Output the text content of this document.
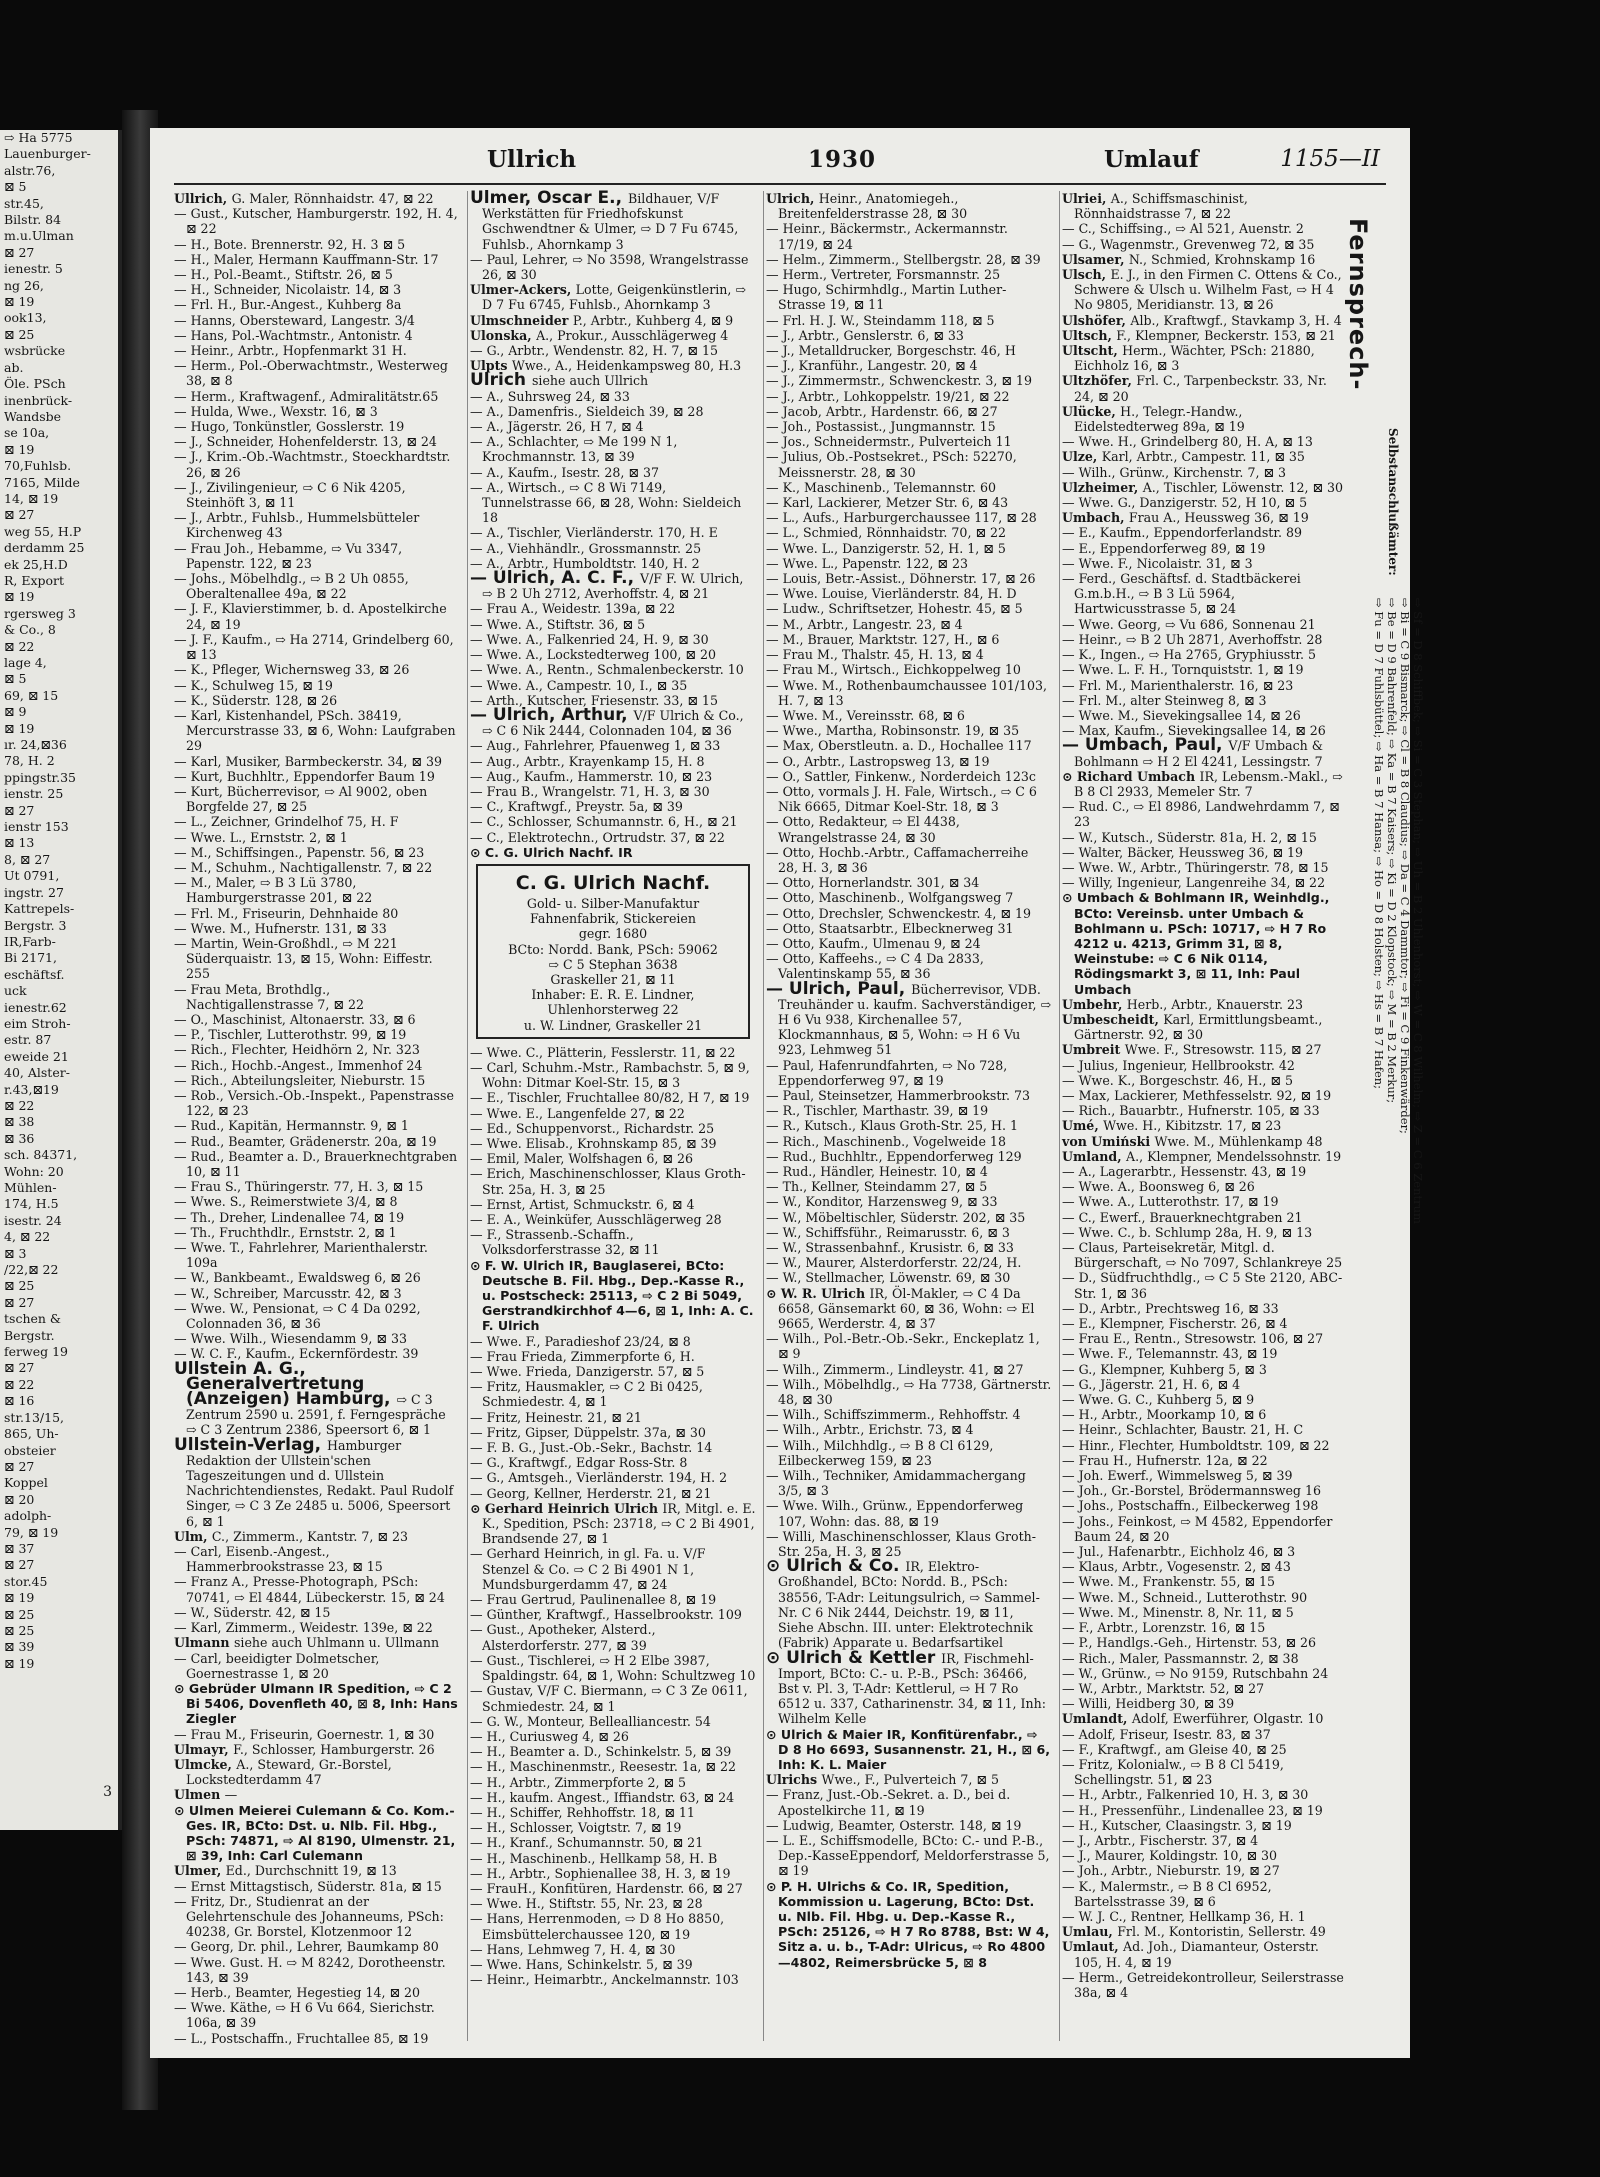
⇨ Ha 5775
Lauenburger-
alstr.76,
⊠ 5
str.45,
Bilstr. 84
m.u.Ulman
⊠ 27
ienestr. 5
ng 26,
⊠ 19
ook13,
⊠ 25
wsbrücke
ab.
Öle. PSch
inenbrück-
Wandsbe
se 10a,
⊠ 19
70,Fuhlsb.
7165, Milde
14, ⊠ 19
⊠ 27
weg 55, H.P
derdamm 25
ek 25,H.D
R, Export
⊠ 19
rgersweg 3
& Co., 8
⊠ 22
lage 4,
⊠ 5
69, ⊠ 15
⊠ 9
⊠ 19
ır. 24,⊠36
78, H. 2
ppingstr.35
ienstr. 25
⊠ 27
ienstr 153
⊠ 13
8, ⊠ 27
Ut 0791,
ingstr. 27
Kattrepels-
Bergstr. 3
IR,Farb-
Bi 2171,
eschäftsf.
uck
ienestr.62
eim Stroh-
estr. 87
eweide 21
40, Alster-
r.43,⊠19
⊠ 22
⊠ 38
⊠ 36
sch. 84371,
Wohn: 20
Mühlen-
174, H.5
isestr. 24
4, ⊠ 22
⊠ 3
/22,⊠ 22
⊠ 25
⊠ 27
tschen &
Bergstr.
ferweg 19
⊠ 27
⊠ 22
⊠ 16
str.13/15,
865, Uh-
obsteier
⊠ 27
Koppel
⊠ 20
adolph-
79, ⊠ 19
⊠ 37
⊠ 27
stor.45
⊠ 19
⊠ 25
⊠ 25
⊠ 39
⊠ 19
3
Ullrich	1930	Umlauf	1155—II

Ullrich, G. Maler, Rönnhaidstr. 47, ⊠ 22

— Gust., Kutscher, Hamburgerstr. 192, H. 4, ⊠ 22

— H., Bote. Brennerstr. 92, H. 3 ⊠ 5

— H., Maler, Hermann Kauffmann-Str. 17

— H., Pol.-Beamt., Stiftstr. 26, ⊠ 5

— H., Schneider, Nicolaistr. 14, ⊠ 3

— Frl. H., Bur.-Angest., Kuhberg 8a

— Hanns, Obersteward, Langestr. 3/4

— Hans, Pol.-Wachtmstr., Antonistr. 4

— Heinr., Arbtr., Hopfenmarkt 31 H.

— Herm., Pol.-Oberwachtmstr., Westerweg 38, ⊠ 8

— Herm., Kraftwagenf., Admiralitätstr.65

— Hulda, Wwe., Wexstr. 16, ⊠ 3

— Hugo, Tonkünstler, Gosslerstr. 19

— J., Schneider, Hohenfelderstr. 13, ⊠ 24

— J., Krim.-Ob.-Wachtmstr., Stoeckhardtstr. 26, ⊠ 26

— J., Zivilingenieur, ⇨ C 6 Nik 4205, Steinhöft 3, ⊠ 11

— J., Arbtr., Fuhlsb., Hummelsbütteler Kirchenweg 43

— Frau Joh., Hebamme, ⇨ Vu 3347, Papenstr. 122, ⊠ 23

— Johs., Möbelhdlg., ⇨ B 2 Uh 0855, Oberaltenallee 49a, ⊠ 22

— J. F., Klavierstimmer, b. d. Apostelkirche 24, ⊠ 19

— J. F., Kaufm., ⇨ Ha 2714, Grindelberg 60, ⊠ 13

— K., Pfleger, Wichernsweg 33, ⊠ 26

— K., Schulweg 15, ⊠ 19

— K., Süderstr. 128, ⊠ 26

— Karl, Kistenhandel, PSch. 38419, Mercurstrasse 33, ⊠ 6, Wohn: Laufgraben 29

— Karl, Musiker, Barmbeckerstr. 34, ⊠ 39

— Kurt, Buchhltr., Eppendorfer Baum 19

— Kurt, Bücherrevisor, ⇨ Al 9002, oben Borgfelde 27, ⊠ 25

— L., Zeichner, Grindelhof 75, H. F

— Wwe. L., Ernststr. 2, ⊠ 1

— M., Schiffsingen., Papenstr. 56, ⊠ 23

— M., Schuhm., Nachtigallenstr. 7, ⊠ 22

— M., Maler, ⇨ B 3 Lü 3780, Hamburgerstrasse 201, ⊠ 22

— Frl. M., Friseurin, Dehnhaide 80

— Wwe. M., Hufnerstr. 131, ⊠ 33

— Martin, Wein-Großhdl., ⇨ M 221 Süderquaistr. 13, ⊠ 15, Wohn: Eiffestr. 255

— Frau Meta, Brothdlg., Nachtigallenstrasse 7, ⊠ 22

— O., Maschinist, Altonaerstr. 33, ⊠ 6

— P., Tischler, Lutterothstr. 99, ⊠ 19

— Rich., Flechter, Heidhörn 2, Nr. 323

— Rich., Hochb.-Angest., Immenhof 24

— Rich., Abteilungsleiter, Nieburstr. 15

— Rob., Versich.-Ob.-Inspekt., Papenstrasse 122, ⊠ 23

— Rud., Kapitän, Hermannstr. 9, ⊠ 1

— Rud., Beamter, Grädenerstr. 20a, ⊠ 19

— Rud., Beamter a. D., Brauerknechtgraben 10, ⊠ 11

— Frau S., Thüringerstr. 77, H. 3, ⊠ 15

— Wwe. S., Reimerstwiete 3/4, ⊠ 8

— Th., Dreher, Lindenallee 74, ⊠ 19

— Th., Fruchthdlr., Ernststr. 2, ⊠ 1

— Wwe. T., Fahrlehrer, Marienthalerstr. 109a

— W., Bankbeamt., Ewaldsweg 6, ⊠ 26

— W., Schreiber, Marcusstr. 42, ⊠ 3

— Wwe. W., Pensionat, ⇨ C 4 Da 0292, Colonnaden 36, ⊠ 36

— Wwe. Wilh., Wiesendamm 9, ⊠ 33

— W. C. F., Kaufm., Eckernfördestr. 39

Ullstein A. G., Generalvertretung (Anzeigen) Hamburg, ⇨ C 3 Zentrum 2590 u. 2591, f. Ferngespräche ⇨ C 3 Zentrum 2386, Speersort 6, ⊠ 1

Ullstein-Verlag, Hamburger Redaktion der Ullstein'schen Tageszeitungen und d. Ullstein Nachrichtendienstes, Redakt. Paul Rudolf Singer, ⇨ C 3 Ze 2485 u. 5006, Speersort 6, ⊠ 1

Ulm, C., Zimmerm., Kantstr. 7, ⊠ 23

— Carl, Eisenb.-Angest., Hammerbrookstrasse 23, ⊠ 15

— Franz A., Presse-Photograph, PSch: 70741, ⇨ El 4844, Lübeckerstr. 15, ⊠ 24

— W., Süderstr. 42, ⊠ 15

— Karl, Zimmerm., Weidestr. 139e, ⊠ 22

Ulmann siehe auch Uhlmann u. Ullmann

— Carl, beeidigter Dolmetscher, Goernestrasse 1, ⊠ 20

⊙ Gebrüder Ulmann IR Spedition, ⇨ C 2 Bi 5406, Dovenfleth 40, ⊠ 8, Inh: Hans Ziegler

— Frau M., Friseurin, Goernestr. 1, ⊠ 30

Ulmayr, F., Schlosser, Hamburgerstr. 26

Ulmcke, A., Steward, Gr.-Borstel, Lockstedterdamm 47

Ulmen —

⊙ Ulmen Meierei Culemann & Co. Kom.-Ges. IR, BCto: Dst. u. Nlb. Fil. Hbg., PSch: 74871, ⇨ Al 8190, Ulmenstr. 21, ⊠ 39, Inh: Carl Culemann

Ulmer, Ed., Durchschnitt 19, ⊠ 13

— Ernst Mittagstisch, Süderstr. 81a, ⊠ 15

— Fritz, Dr., Studienrat an der Gelehrtenschule des Johanneums, PSch: 40238, Gr. Borstel, Klotzenmoor 12

— Georg, Dr. phil., Lehrer, Baumkamp 80

— Wwe. Gust. H. ⇨ M 8242, Dorotheenstr. 143, ⊠ 39

— Herb., Beamter, Hegestieg 14, ⊠ 20

— Wwe. Käthe, ⇨ H 6 Vu 664, Sierichstr. 106a, ⊠ 39

— L., Postschaffn., Fruchtallee 85, ⊠ 19

Ulmer, Oscar E., Bildhauer, V/F Werkstätten für Friedhofskunst Gschwendtner & Ulmer, ⇨ D 7 Fu 6745, Fuhlsb., Ahornkamp 3

— Paul, Lehrer, ⇨ No 3598, Wrangelstrasse 26, ⊠ 30

Ulmer-Ackers, Lotte, Geigenkünstlerin, ⇨ D 7 Fu 6745, Fuhlsb., Ahornkamp 3

Ulmschneider P., Arbtr., Kuhberg 4, ⊠ 9

Ulonska, A., Prokur., Ausschlägerweg 4

— G., Arbtr., Wendenstr. 82, H. 7, ⊠ 15

Ulpts Wwe., A., Heidenkampsweg 80, H.3

Ulrich siehe auch Ullrich

— A., Suhrsweg 24, ⊠ 33

— A., Damenfris., Sieldeich 39, ⊠ 28

— A., Jägerstr. 26, H 7, ⊠ 4

— A., Schlachter, ⇨ Me 199 N 1, Krochmannstr. 13, ⊠ 39

— A., Kaufm., Isestr. 28, ⊠ 37

— A., Wirtsch., ⇨ C 8 Wi 7149, Tunnelstrasse 66, ⊠ 28, Wohn: Sieldeich 18

— A., Tischler, Vierländerstr. 170, H. E

— A., Viehhändlr., Grossmannstr. 25

— A., Arbtr., Humboldtstr. 140, H. 2

— Ulrich, A. C. F., V/F F. W. Ulrich, ⇨ B 2 Uh 2712, Averhoffstr. 4, ⊠ 21

— Frau A., Weidestr. 139a, ⊠ 22

— Wwe. A., Stiftstr. 36, ⊠ 5

— Wwe. A., Falkenried 24, H. 9, ⊠ 30

— Wwe. A., Lockstedterweg 100, ⊠ 20

— Wwe. A., Rentn., Schmalenbeckerstr. 10

— Wwe. A., Campestr. 10, I., ⊠ 35

— Arth., Kutscher, Friesenstr. 33, ⊠ 15

— Ulrich, Arthur, V/F Ulrich & Co., ⇨ C 6 Nik 2444, Colonnaden 104, ⊠ 36

— Aug., Fahrlehrer, Pfauenweg 1, ⊠ 33

— Aug., Arbtr., Krayenkamp 15, H. 8

— Aug., Kaufm., Hammerstr. 10, ⊠ 23

— Frau B., Wrangelstr. 71, H. 3, ⊠ 30

— C., Kraftwgf., Preystr. 5a, ⊠ 39

— C., Schlosser, Schumannstr. 6, H., ⊠ 21

— C., Elektrotechn., Ortrudstr. 37, ⊠ 22

⊙ C. G. Ulrich Nachf. IR

C. G. Ulrich Nachf.
Gold- u. Silber-Manufaktur
Fahnenfabrik, Stickereien
gegr. 1680
BCto: Nordd. Bank, PSch: 59062
⇨ C 5 Stephan 3638
Graskeller 21, ⊠ 11
Inhaber: E. R. E. Lindner,
Uhlenhorsterweg 22
u. W. Lindner, Graskeller 21

— Wwe. C., Plätterin, Fesslerstr. 11, ⊠ 22

— Carl, Schuhm.-Mstr., Rambachstr. 5, ⊠ 9, Wohn: Ditmar Koel-Str. 15, ⊠ 3

— E., Tischler, Fruchtallee 80/82, H 7, ⊠ 19

— Wwe. E., Langenfelde 27, ⊠ 22

— Ed., Schuppenvorst., Richardstr. 25

— Wwe. Elisab., Krohnskamp 85, ⊠ 39

— Emil, Maler, Wolfshagen 6, ⊠ 26

— Erich, Maschinenschlosser, Klaus Groth-Str. 25a, H. 3, ⊠ 25

— Ernst, Artist, Schmuckstr. 6, ⊠ 4

— E. A., Weinküfer, Ausschlägerweg 28

— F., Strassenb.-Schaffn., Volksdorferstrasse 32, ⊠ 11

⊙ F. W. Ulrich IR, Baugla‌serei, BCto: Deutsche B. Fil. Hbg., Dep.-Kasse R., u. Postscheck: 25113, ⇨ C 2 Bi 5049, Gerstrandkirchhof 4—6, ⊠ 1, Inh: A. C. F. Ulrich

— Wwe. F., Paradieshof 23/24, ⊠ 8

— Frau Frieda, Zimmerpforte 6, H.

— Wwe. Frieda, Danzigerstr. 57, ⊠ 5

— Fritz, Hausmakler, ⇨ C 2 Bi 0425, Schmiedestr. 4, ⊠ 1

— Fritz, Heinestr. 21, ⊠ 21

— Fritz, Gipser, Düppelstr. 37a, ⊠ 30

— F. B. G., Just.-Ob.-Sekr., Bachstr. 14

— G., Kraftwgf., Edgar Ross-Str. 8

— G., Amtsgeh., Vierländerstr. 194, H. 2

— Georg, Kellner, Herderstr. 21, ⊠ 21

⊙ Gerhard Heinrich Ulrich IR, Mitgl. e. E. K., Spedition, PSch: 23718, ⇨ C 2 Bi 4901, Brandsende 27, ⊠ 1

— Gerhard Heinrich, in gl. Fa. u. V/F Stenzel & Co. ⇨ C 2 Bi 4901 N 1, Mundsburgerdamm 47, ⊠ 24

— Frau Gertrud, Paulinenallee 8, ⊠ 19

— Günther, Kraftwgf., Hasselbrookstr. 109

— Gust., Apotheker, Alsterd., Alsterdorferstr. 277, ⊠ 39

— Gust., Tischlerei, ⇨ H 2 Elbe 3987, Spaldingstr. 64, ⊠ 1, Wohn: Schultzweg 10

— Gustav, V/F C. Biermann, ⇨ C 3 Ze 0611, Schmiedestr. 24, ⊠ 1

— G. W., Monteur, Bellealliancestr. 54

— H., Curiusweg 4, ⊠ 26

— H., Beamter a. D., Schinkelstr. 5, ⊠ 39

— H., Maschinenmstr., Reesestr. 1a, ⊠ 22

— H., Arbtr., Zimmerpforte 2, ⊠ 5

— H., kaufm. Angest., Iffiandstr. 63, ⊠ 24

— H., Schiffer, Rehhoffstr. 18, ⊠ 11

— H., Schlosser, Voigtstr. 7, ⊠ 19

— H., Kranf., Schumannstr. 50, ⊠ 21

— H., Maschinenb., Hellkamp 58, H. B

— H., Arbtr., Sophienallee 38, H. 3, ⊠ 19

— FrauH., Konfitüren, Hardenstr. 66, ⊠ 27

— Wwe. H., Stiftstr. 55, Nr. 23, ⊠ 28

— Hans, Herrenmoden, ⇨ D 8 Ho 8850, Eimsbüttelerchaussee 120, ⊠ 19

— Hans, Lehmweg 7, H. 4, ⊠ 30

— Wwe. Hans, Schinkelstr. 5, ⊠ 39

— Heinr., Heimarbtr., Anckelmannstr. 103

Ulrich, Heinr., Anatomiegeh., Breitenfelderstrasse 28, ⊠ 30

— Heinr., Bäckermstr., Ackermannstr. 17/19, ⊠ 24

— Helm., Zimmerm., Stellbergstr. 28, ⊠ 39

— Herm., Vertreter, Forsmannstr. 25

— Hugo, Schirmhdlg., Martin Luther-Strasse 19, ⊠ 11

— Frl. H. J. W., Steindamm 118, ⊠ 5

— J., Arbtr., Genslerstr. 6, ⊠ 33

— J., Metalldrucker, Borgeschstr. 46, H

— J., Kranführ., Langestr. 20, ⊠ 4

— J., Zimmermstr., Schwenckestr. 3, ⊠ 19

— J., Arbtr., Lohkoppelstr. 19/21, ⊠ 22

— Jacob, Arbtr., Hardenstr. 66, ⊠ 27

— Joh., Postassist., Jungmannstr. 15

— Jos., Schneidermstr., Pulverteich 11

— Julius, Ob.-Postsekret., PSch: 52270, Meissnerstr. 28, ⊠ 30

— K., Maschinenb., Telemannstr. 60

— Karl, Lackierer, Metzer Str. 6, ⊠ 43

— L., Aufs., Harburgerchaussee 117, ⊠ 28

— L., Schmied, Rönnhaidstr. 70, ⊠ 22

— Wwe. L., Danzigerstr. 52, H. 1, ⊠ 5

— Wwe. L., Papenstr. 122, ⊠ 23

— Louis, Betr.-Assist., Döhnerstr. 17, ⊠ 26

— Wwe. Louise, Vierländerstr. 84, H. D

— Ludw., Schriftsetzer, Hohestr. 45, ⊠ 5

— M., Arbtr., Langestr. 23, ⊠ 4

— M., Brauer, Marktstr. 127, H., ⊠ 6

— Frau M., Thalstr. 45, H. 13, ⊠ 4

— Frau M., Wirtsch., Eichkoppelweg 10

— Wwe. M., Rothenbaumchaussee 101/103, H. 7, ⊠ 13

— Wwe. M., Vereinsstr. 68, ⊠ 6

— Wwe., Martha, Robinsonstr. 19, ⊠ 35

— Max, Oberstleutn. a. D., Hochallee 117

— O., Arbtr., Lastropsweg 13, ⊠ 19

— O., Sattler, Finkenw., Norderdeich 123c

— Otto, vormals J. H. Fale, Wirtsch., ⇨ C 6 Nik 6665, Ditmar Koel-Str. 18, ⊠ 3

— Otto, Redakteur, ⇨ El 4438, Wrangelstrasse 24, ⊠ 30

— Otto, Hochb.-Arbtr., Caffamacherreihe 28, H. 3, ⊠ 36

— Otto, Hornerlandstr. 301, ⊠ 34

— Otto, Maschinenb., Wolfgangsweg 7

— Otto, Drechsler, Schwenckestr. 4, ⊠ 19

— Otto, Staatsarbtr., Elbecknerweg 31

— Otto, Kaufm., Ulmenau 9, ⊠ 24

— Otto, Kaffeehs., ⇨ C 4 Da 2833, Valentinskamp 55, ⊠ 36

— Ulrich, Paul, Bücherrevisor, VDB. Treuhänder u. kaufm. Sachverständiger, ⇨ H 6 Vu 938, Kirchenallee 57, Klockmannhaus, ⊠ 5, Wohn: ⇨ H 6 Vu 923, Lehmweg 51

— Paul, Hafenrundfahrten, ⇨ No 728, Eppendorferweg 97, ⊠ 19

— Paul, Steinsetzer, Hammerbrookstr. 73

— R., Tischler, Marthastr. 39, ⊠ 19

— R., Kutsch., Klaus Groth-Str. 25, H. 1

— Rich., Maschinenb., Vogelweide 18

— Rud., Buchhltr., Eppendorferweg 129

— Rud., Händler, Heinestr. 10, ⊠ 4

— Th., Kellner, Steindamm 27, ⊠ 5

— W., Konditor, Harzensweg 9, ⊠ 33

— W., Möbeltischler, Süderstr. 202, ⊠ 35

— W., Schiffsführ., Reimarusstr. 6, ⊠ 3

— W., Strassenbahnf., Krusistr. 6, ⊠ 33

— W., Maurer, Alsterdorferstr. 22/24, H.

— W., Stellmacher, Löwenstr. 69, ⊠ 30

⊙ W. R. Ulrich IR, Öl-Makler, ⇨ C 4 Da 6658, Gänsemarkt 60, ⊠ 36, Wohn: ⇨ El 9665, Werderstr. 4, ⊠ 37

— Wilh., Pol.-Betr.-Ob.-Sekr., Enckeplatz 1, ⊠ 9

— Wilh., Zimmerm., Lindleystr. 41, ⊠ 27

— Wilh., Möbelhdlg., ⇨ Ha 7738, Gärtnerstr. 48, ⊠ 30

— Wilh., Schiffszimmerm., Rehhoffstr. 4

— Wilh., Arbtr., Erichstr. 73, ⊠ 4

— Wilh., Milchhdlg., ⇨ B 8 Cl 6129, Eilbeckerweg 159, ⊠ 23

— Wilh., Techniker, Amidammachergang 3/5, ⊠ 3

— Wwe. Wilh., Grünw., Eppendorferweg 107, Wohn: das. 88, ⊠ 19

— Willi, Maschinenschlosser, Klaus Groth-Str. 25a, H. 3, ⊠ 25

⊙ Ulrich & Co. IR, Elektro-Großhandel, BCto: Nordd. B., PSch: 38556, T-Adr: Leitungsulrich, ⇨ Sammel-Nr. C 6 Nik 2444, Deichstr. 19, ⊠ 11, Siehe Abschn. III. unter: Elektrotechnik (Fabrik) Apparate u. Bedarfsartikel

⊙ Ulrich & Kettler IR, Fischmehl-Import, BCto: C.- u. P.-B., PSch: 36466, Bst v. Pl. 3, T-Adr: Kettlerul, ⇨ H 7 Ro 6512 u. 337, Catharinenstr. 34, ⊠ 11, Inh: Wilhelm Kelle

⊙ Ulrich & Maier IR, Konfitürenfabr., ⇨ D 8 Ho 6693, Susannenstr. 21, H., ⊠ 6, Inh: K. L. Maier

Ulrichs Wwe., F., Pulverteich 7, ⊠ 5

— Franz, Just.-Ob.-Sekret. a. D., bei d. Apostelkirche 11, ⊠ 19

— Ludwig, Beamter, Osterstr. 148, ⊠ 19

— L. E., Schiffsmodelle, BCto: C.- und P.-B., Dep.-KasseEppendorf, Meldorferstrasse 5, ⊠ 19

⊙ P. H. Ulrichs & Co. IR, Spedition, Kommission u. Lagerung, BCto: Dst. u. Nlb. Fil. Hbg. u. Dep.-Kasse R., PSch: 25126, ⇨ H 7 Ro 8788, Bst: W 4, Sitz a. u. b., T-Adr: Ulricus, ⇨ Ro 4800—4802, Reimersbrücke 5, ⊠ 8

Ulriei, A., Schiffsmaschinist, Rönnhaidstrasse 7, ⊠ 22

— C., Schiffsing., ⇨ Al 521, Auenstr. 2

— G., Wagenmstr., Grevenweg 72, ⊠ 35

Ulsamer, N., Schmied, Krohnskamp 16

Ulsch, E. J., in den Firmen C. Ottens & Co., Schwere & Ulsch u. Wilhelm Fast, ⇨ H 4 No 9805, Meridianstr. 13, ⊠ 26

Ulshöfer, Alb., Kraftwgf., Stavkamp 3, H. 4

Ultsch, F., Klempner, Beckerstr. 153, ⊠ 21

Ultscht, Herm., Wächter, PSch: 21880, Eichholz 16, ⊠ 3

Ultzhöfer, Frl. C., Tarpenbeckstr. 33, Nr. 24, ⊠ 20

Ulücke, H., Telegr.-Handw., Eidelstedterweg 89a, ⊠ 19

— Wwe. H., Grindelberg 80, H. A, ⊠ 13

Ulze, Karl, Arbtr., Campestr. 11, ⊠ 35

— Wilh., Grünw., Kirchenstr. 7, ⊠ 3

Ulzheimer, A., Tischler, Löwenstr. 12, ⊠ 30

— Wwe. G., Danzigerstr. 52, H 10, ⊠ 5

Umbach, Frau A., Heussweg 36, ⊠ 19

— E., Kaufm., Eppendorferlandstr. 89

— E., Eppendorferweg 89, ⊠ 19

— Wwe. F., Nicolaistr. 31, ⊠ 3

— Ferd., Geschäftsf. d. Stadtbäckerei G.m.b.H., ⇨ B 3 Lü 5964, Hartwicusstrasse 5, ⊠ 24

— Wwe. Georg, ⇨ Vu 686, Sonnenau 21

— Heinr., ⇨ B 2 Uh 2871, Averhoffstr. 28

— K., Ingen., ⇨ Ha 2765, Gryphiusstr. 5

— Wwe. L. F. H., Tornquiststr. 1, ⊠ 19

— Frl. M., Marienthalerstr. 16, ⊠ 23

— Frl. M., alter Steinweg 8, ⊠ 3

— Wwe. M., Sievekingsallee 14, ⊠ 26

— Max, Kaufm., Sievekingsallee 14, ⊠ 26

— Umbach, Paul, V/F Umbach & Bohlmann ⇨ H 2 El 4241, Lessingstr. 7

⊙ Richard Umbach IR, Lebensm.-Makl., ⇨ B 8 Cl 2933, Memeler Str. 7

— Rud. C., ⇨ El 8986, Landwehrdamm 7, ⊠ 23

— W., Kutsch., Süderstr. 81a, H. 2, ⊠ 15

— Walter, Bäcker, Heussweg 36, ⊠ 19

— Wwe. W., Arbtr., Thüringerstr. 78, ⊠ 15

— Willy, Ingenieur, Langenreihe 34, ⊠ 22

⊙ Umbach & Bohlmann IR, Weinhdlg., BCto: Vereinsb. unter Umbach & Bohlmann u. PSch: 10717, ⇨ H 7 Ro 4212 u. 4213, Grimm 31, ⊠ 8, Weinstube: ⇨ C 6 Nik 0114, Rödingsmarkt 3, ⊠ 11, Inh: Paul Umbach

Umbehr, Herb., Arbtr., Knauerstr. 23

Umbescheidt, Karl, Ermittlungsbeamt., Gärtnerstr. 92, ⊠ 30

Umbreit Wwe. F., Stresowstr. 115, ⊠ 27

— Julius, Ingenieur, Hellbrookstr. 42

— Wwe. K., Borgeschstr. 46, H., ⊠ 5

— Max, Lackierer, Methfesselstr. 92, ⊠ 19

— Rich., Bauarbtr., Hufnerstr. 105, ⊠ 33

Umé, Wwe. H., Kibitzstr. 17, ⊠ 23

von Umiński Wwe. M., Mühlenkamp 48

Umland, A., Klempner, Mendelssohnstr. 19

— A., Lagerarbtr., Hessenstr. 43, ⊠ 19

— Wwe. A., Boonsweg 6, ⊠ 26

— Wwe. A., Lutterothstr. 17, ⊠ 19

— C., Ewerf., Brauerknechtgraben 21

— Wwe. C., b. Schlump 28a, H. 9, ⊠ 13

— Claus, Parteisekretär, Mitgl. d. Bürgerschaft, ⇨ No 7097, Schlankreye 25

— D., Südfruchthdlg., ⇨ C 5 Ste 2120, ABC-Str. 1, ⊠ 36

— D., Arbtr., Prechtsweg 16, ⊠ 33

— E., Klempner, Fischerstr. 26, ⊠ 4

— Frau E., Rentn., Stresowstr. 106, ⊠ 27

— Wwe. F., Telemannstr. 43, ⊠ 19

— G., Klempner, Kuhberg 5, ⊠ 3

— G., Jägerstr. 21, H. 6, ⊠ 4

— Wwe. G. C., Kuhberg 5, ⊠ 9

— H., Arbtr., Moorkamp 10, ⊠ 6

— Heinr., Schlachter, Baustr. 21, H. C

— Hinr., Flechter, Humboldtstr. 109, ⊠ 22

— Frau H., Hufnerstr. 12a, ⊠ 22

— Joh. Ewerf., Wimmelsweg 5, ⊠ 39

— Joh., Gr.-Borstel, Brödermannsweg 16

— Johs., Postschaffn., Eilbeckerweg 198

— Johs., Feinkost, ⇨ M 4582, Eppendorfer Baum 24, ⊠ 20

— Jul., Hafenarbtr., Eichholz 46, ⊠ 3

— Klaus, Arbtr., Vogesenstr. 2, ⊠ 43

— Wwe. M., Frankenstr. 55, ⊠ 15

— Wwe. M., Schneid., Lutterothstr. 90

— Wwe. M., Minenstr. 8, Nr. 11, ⊠ 5

— F., Arbtr., Lorenzstr. 16, ⊠ 15

— P., Handlgs.-Geh., Hirtenstr. 53, ⊠ 26

— Rich., Maler, Passmannstr. 2, ⊠ 38

— W., Grünw., ⇨ No 9159, Rutschbahn 24

— W., Arbtr., Marktstr. 52, ⊠ 27

— Willi, Heidberg 30, ⊠ 39

Umlandt, Adolf, Ewerführer, Olgastr. 10

— Adolf, Friseur, Isestr. 83, ⊠ 37

— F., Kraftwgf., am Gleise 40, ⊠ 25

— Fritz, Kolonialw., ⇨ B 8 Cl 5419, Schellingstr. 51, ⊠ 23

— H., Arbtr., Falkenried 10, H. 3, ⊠ 30

— H., Pressenführ., Lindenallee 23, ⊠ 19

— H., Kutscher, Claasingstr. 3, ⊠ 19

— J., Arbtr., Fischerstr. 37, ⊠ 4

— J., Maurer, Koldingstr. 10, ⊠ 30

— Joh., Arbtr., Nieburstr. 19, ⊠ 27

— K., Malermstr., ⇨ B 8 Cl 6952, Bartelsstrasse 39, ⊠ 6

— W. J. C., Rentner, Hellkamp 36, H. 1

Umlau, Frl. M., Kontoristin, Sellerstr. 49

Umlaut, Ad. Joh., Diamanteur, Osterstr. 105, H. 4, ⊠ 19

— Herm., Getreidekontrolleur, Seilerstrasse 38a, ⊠ 4

Fernsprech-
Selbstanschlußämter:
⇨ Fu = D 7 Fuhlsbüttel; ⇨ Ha = B 7 Hansa; ⇨ Ho = D 8 Holsten; ⇨ Hs = B 7 Hafen; ⇨ Be = D 9 Bahrenfeld; ⇨ Ka = B 7 Kaisers; ⇨ Ki = D 2 Klopstock; ⇨ M = B 2 Merkur; ⇨ Bi = C 9 Bismarck; ⇨ Cl = B 8 Claudius; ⇨ Da = C 4 Dammtor; ⇨ Fi = C 9 Finkenwärder; ⇨ Sf = D 8 Schiffbek; ⇨ Si = C 3 Stephan; ⇨ Uh = B 2 Uhlenhorst; ⇨ W = C 8 Wilhelm; ⇨ Z = C 6 Zentrum
